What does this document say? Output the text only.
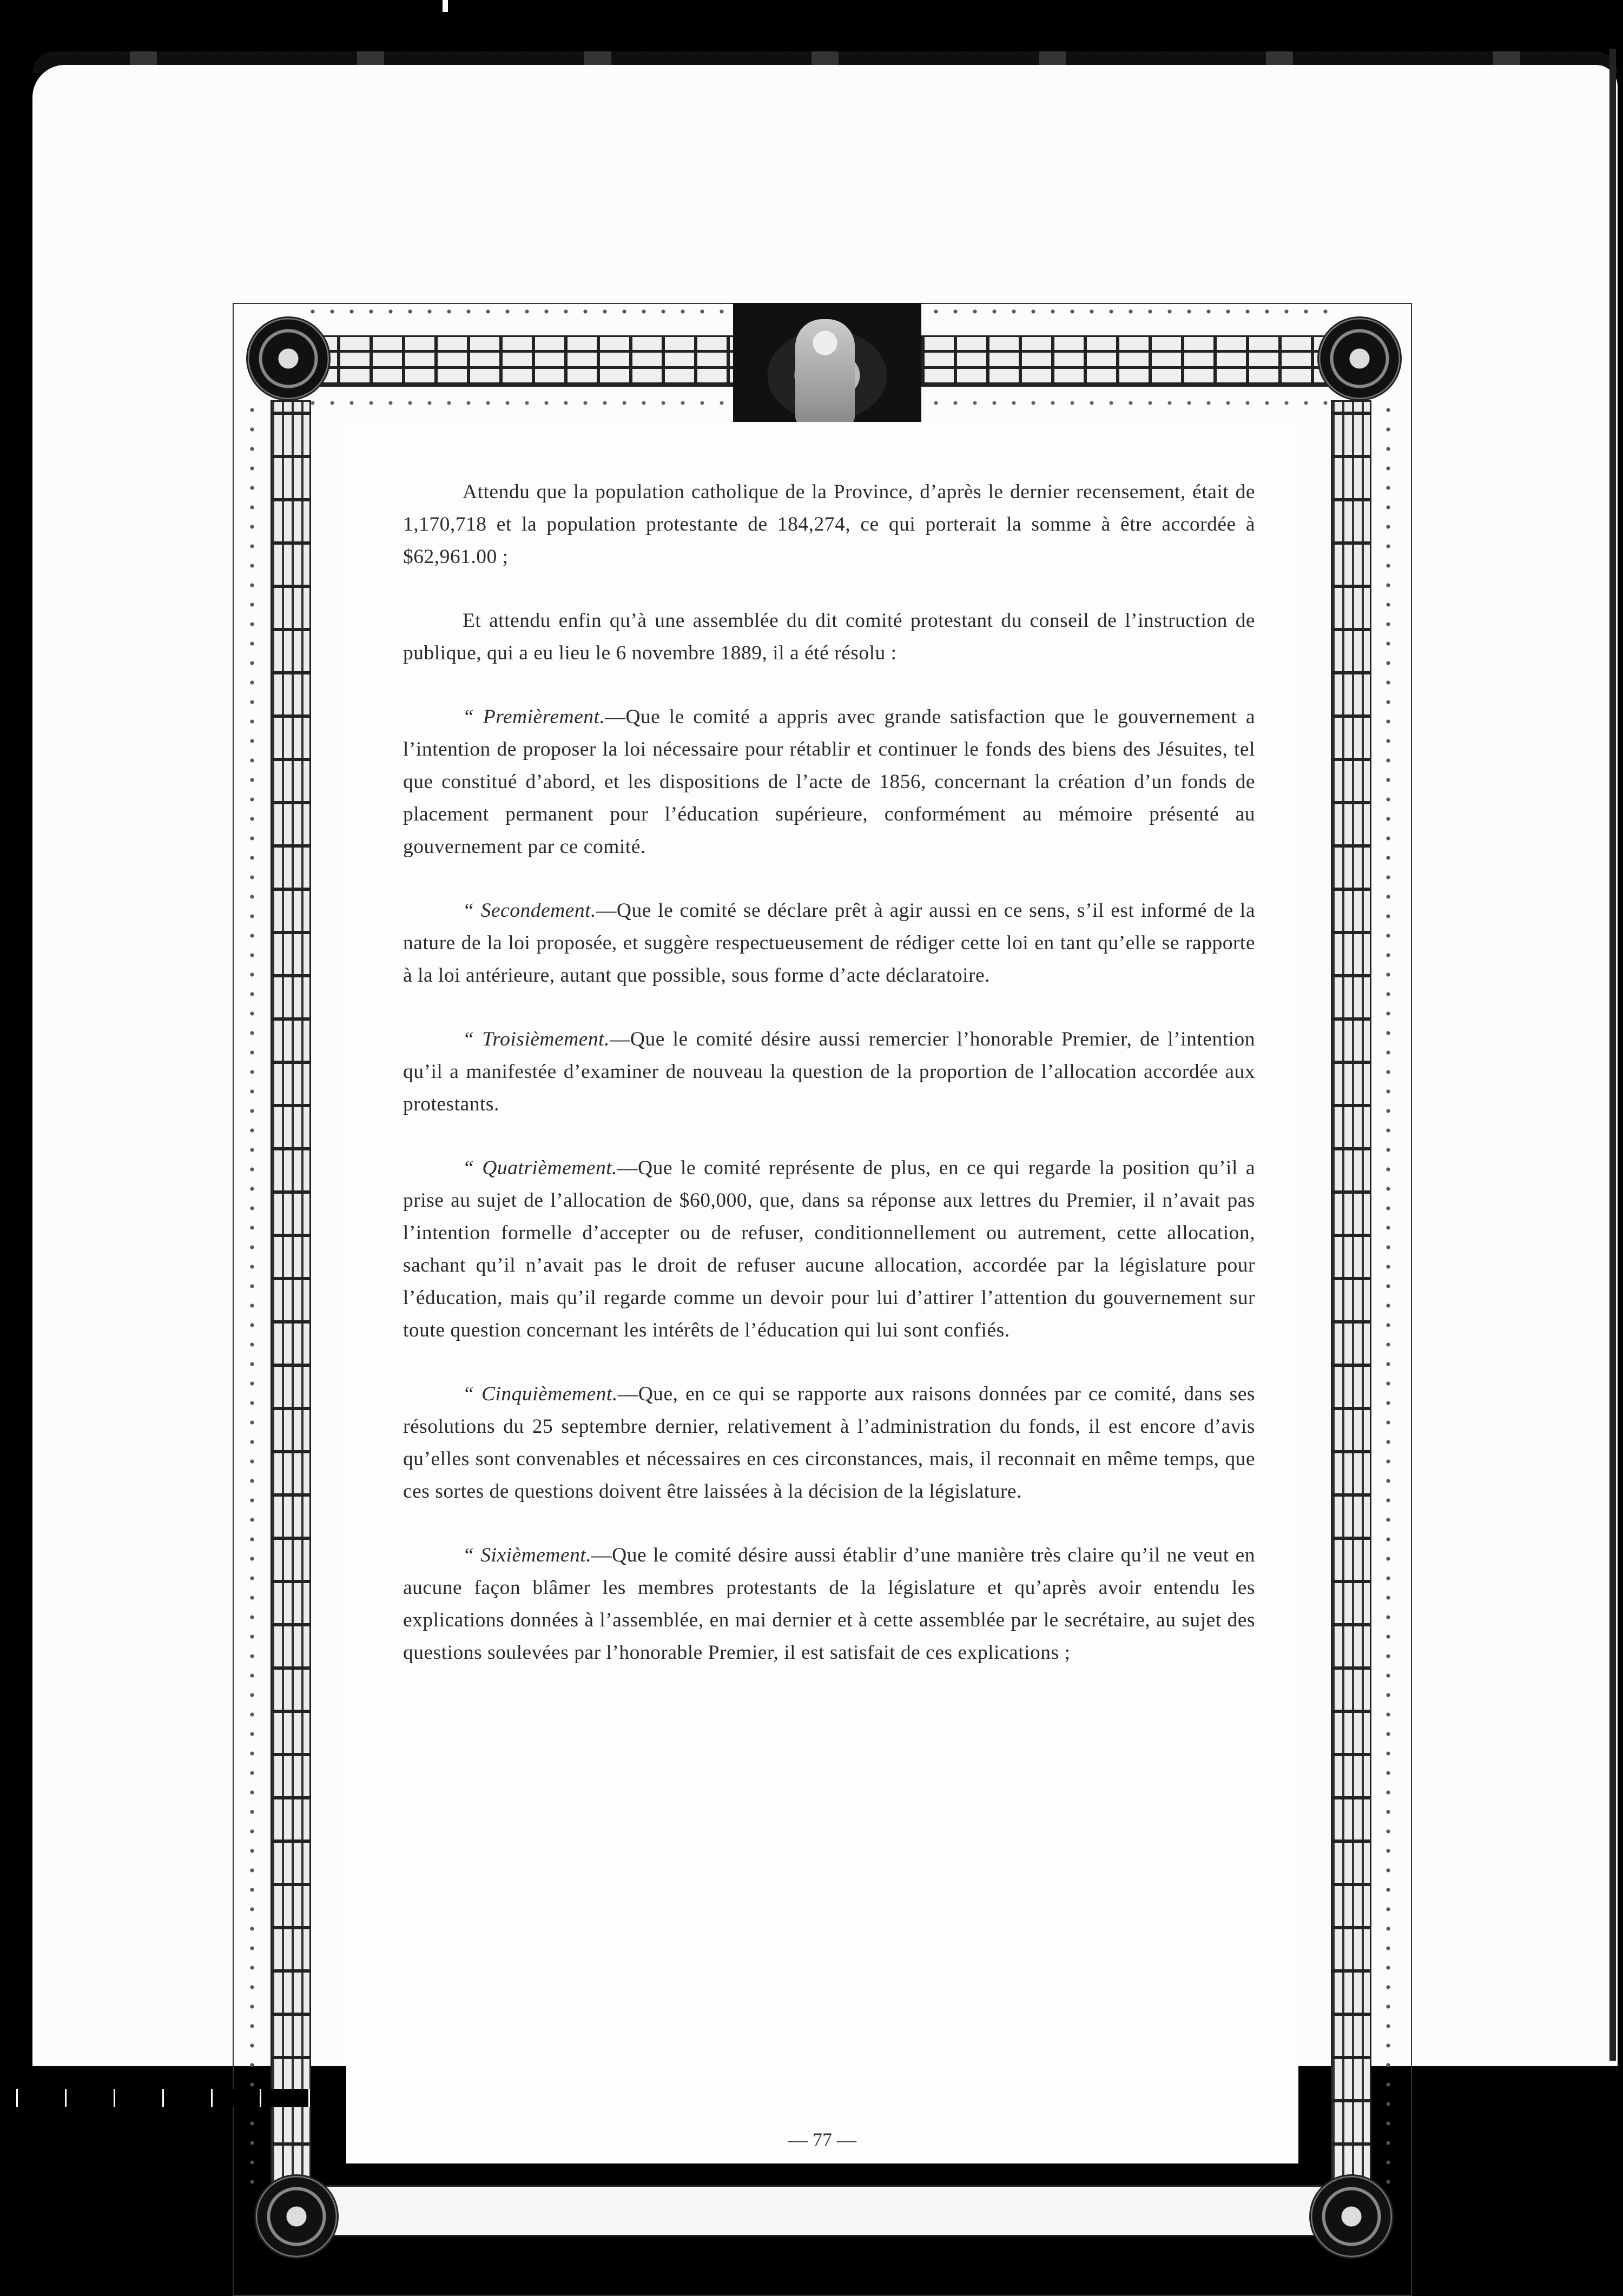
Attendu que la population catholique de la Province, d’après le dernier recensement, était de 1,170,718 et la population protestante de 184,274, ce qui porterait la somme à être accordée à $62,961.00 ;

Et attendu enfin qu’à une assemblée du dit comité protestant du conseil de l’instruction de publique, qui a eu lieu le 6 novembre 1889, il a été résolu :

“ Premièrement.—Que le comité a appris avec grande satisfaction que le gouvernement a l’intention de proposer la loi nécessaire pour rétablir et continuer le fonds des biens des Jésuites, tel que constitué d’abord, et les dispositions de l’acte de 1856, concernant la création d’un fonds de placement permanent pour l’éducation supérieure, conformément au mémoire présenté au gouvernement par ce comité.

“ Secondement.—Que le comité se déclare prêt à agir aussi en ce sens, s’il est informé de la nature de la loi proposée, et suggère respectueusement de rédiger cette loi en tant qu’elle se rapporte à la loi antérieure, autant que possible, sous forme d’acte déclaratoire.

“ Troisièmement.—Que le comité désire aussi remercier l’honorable Premier, de l’intention qu’il a manifestée d’examiner de nouveau la question de la proportion de l’allocation accordée aux protestants.

“ Quatrièmement.—Que le comité représente de plus, en ce qui regarde la position qu’il a prise au sujet de l’allocation de $60,000, que, dans sa réponse aux lettres du Premier, il n’avait pas l’intention formelle d’accepter ou de refuser, conditionnellement ou autrement, cette allocation, sachant qu’il n’avait pas le droit de refuser aucune allocation, accordée par la législature pour l’éducation, mais qu’il regarde comme un devoir pour lui d’attirer l’attention du gouvernement sur toute question concernant les intérêts de l’éducation qui lui sont confiés.

“ Cinquièmement.—Que, en ce qui se rapporte aux raisons données par ce comité, dans ses résolutions du 25 septembre dernier, relativement à l’administration du fonds, il est encore d’avis qu’elles sont convenables et nécessaires en ces circonstances, mais, il reconnait en même temps, que ces sortes de questions doivent être laissées à la décision de la législature.

“ Sixièmement.—Que le comité désire aussi établir d’une manière très claire qu’il ne veut en aucune façon blâmer les membres protestants de la législature et qu’après avoir entendu les explications données à l’assemblée, en mai dernier et à cette assemblée par le secrétaire, au sujet des questions soulevées par l’honorable Premier, il est satisfait de ces explications ;

— 77 —
